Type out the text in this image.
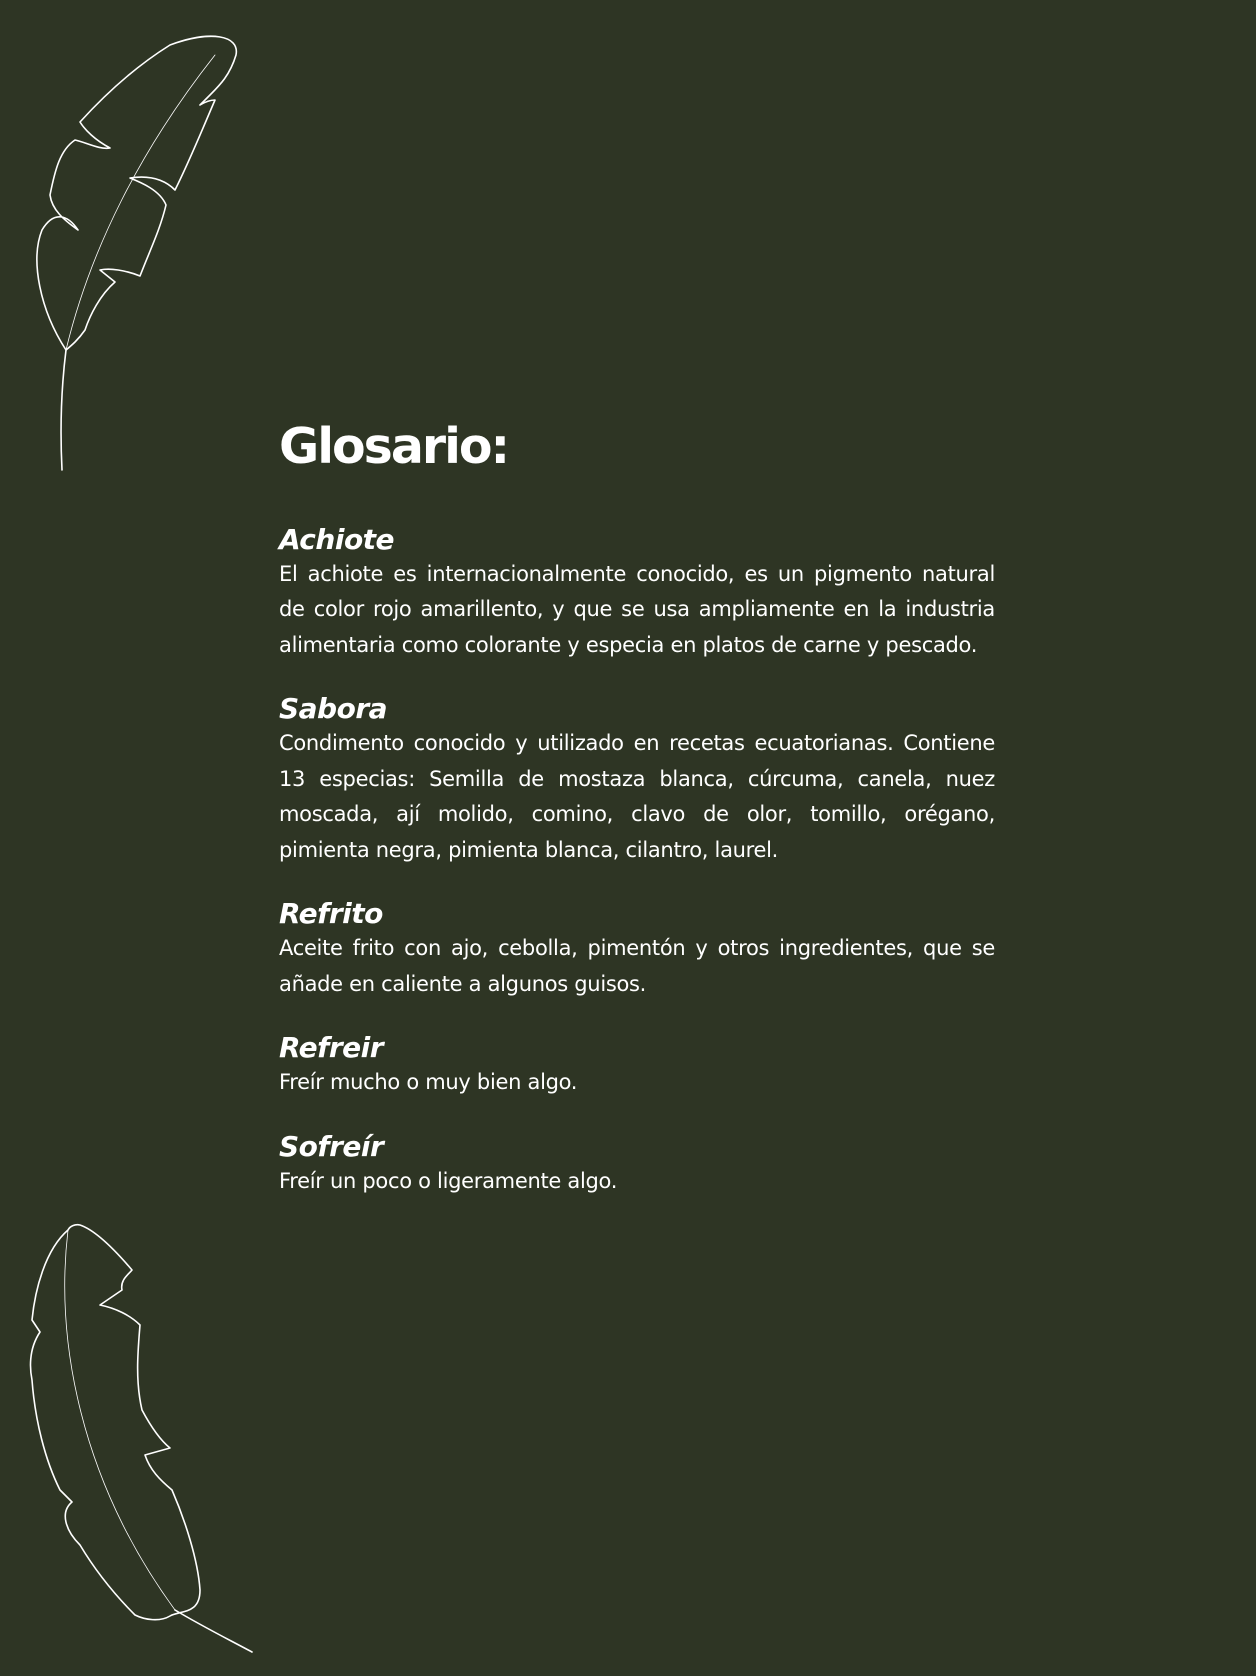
Glosario:
Achiote

El achiote es internacionalmente conocido, es un pigmento natural de color rojo amarillento, y que se usa ampliamente en la industria alimentaria como colorante y especia en platos de carne y pescado.

Sabora

Condimento conocido y utilizado en recetas ecuatorianas. Contiene 13 especias: Semilla de mostaza blanca, cúrcuma, canela, nuez moscada, ají molido, comino, clavo de olor, tomillo, orégano, pimienta negra, pimienta blanca, cilantro, laurel.

Refrito

Aceite frito con ajo, cebolla, pimentón y otros ingredientes, que se añade en caliente a algunos guisos.

Refreir

Freír mucho o muy bien algo.

Sofreír

Freír un poco o ligeramente algo.
